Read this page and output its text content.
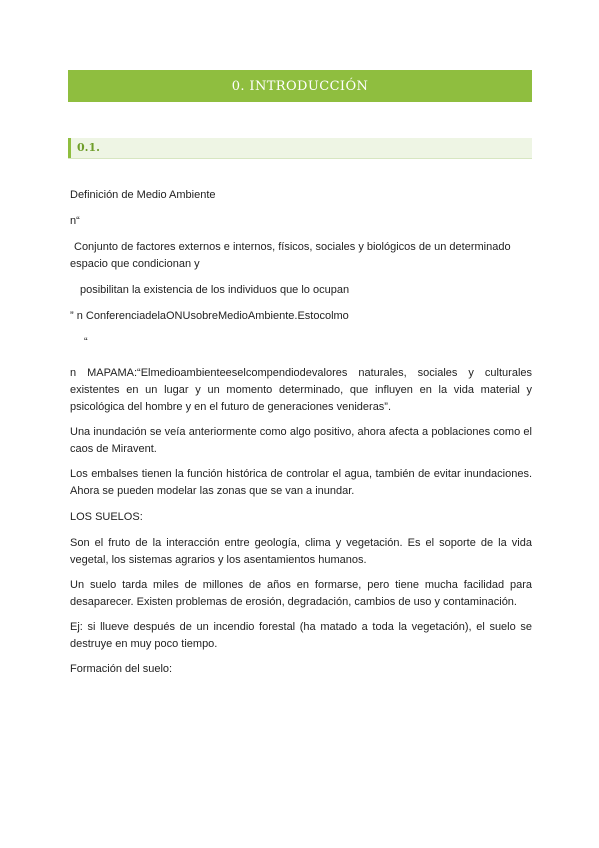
0. INTRODUCCIÓN
0.1.

Definición de Medio Ambiente

n“

Conjunto de factores externos e internos, físicos, sociales y biológicos de un determinado espacio que condicionan y

posibilitan la existencia de los individuos que lo ocupan

” n ConferenciadelaONUsobreMedioAmbiente.Estocolmo

“

n MAPAMA:“Elmedioambienteeselcompendiodevalores naturales, sociales y culturales existentes en un lugar y un momento determinado, que influyen en la vida material y psicológica del hombre y en el futuro de generaciones venideras”.

Una inundación se veía anteriormente como algo positivo, ahora afecta a poblaciones como el caos de Miravent.

Los embalses tienen la función histórica de controlar el agua, también de evitar inundaciones. Ahora se pueden modelar las zonas que se van a inundar.

LOS SUELOS:

Son el fruto de la interacción entre geología, clima y vegetación. Es el soporte de la vida vegetal, los sistemas agrarios y los asentamientos humanos.

Un suelo tarda miles de millones de años en formarse, pero tiene mucha facilidad para desaparecer. Existen problemas de erosión, degradación, cambios de uso y contaminación.

Ej: si llueve después de un incendio forestal (ha matado a toda la vegetación), el suelo se destruye en muy poco tiempo.

Formación del suelo:
